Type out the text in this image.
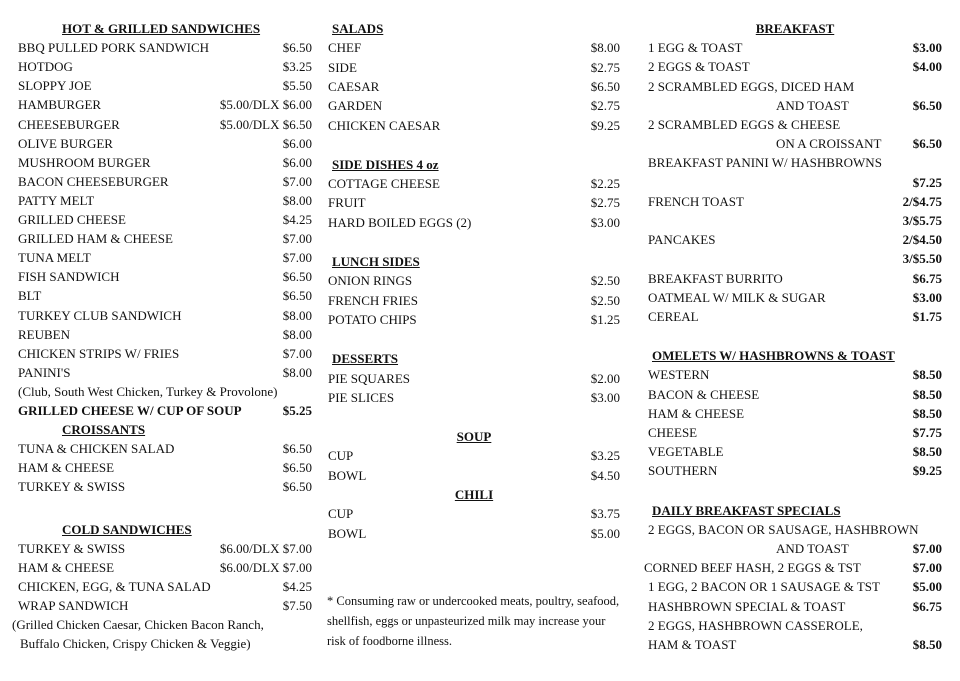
HOT & GRILLED SANDWICHES
BBQ PULLED PORK SANDWICH	$6.50
HOTDOG	$3.25
SLOPPY JOE	$5.50
HAMBURGER	$5.00/DLX $6.00
CHEESEBURGER	$5.00/DLX $6.50
OLIVE BURGER	$6.00
MUSHROOM BURGER	$6.00
BACON CHEESEBURGER	$7.00
PATTY MELT	$8.00
GRILLED CHEESE	$4.25
GRILLED HAM & CHEESE	$7.00
TUNA MELT	$7.00
FISH SANDWICH	$6.50
BLT	$6.50
TURKEY CLUB SANDWICH	$8.00
REUBEN	$8.00
CHICKEN STRIPS W/ FRIES	$7.00
PANINI'S	$8.00
(Club, South West Chicken, Turkey & Provolone)
GRILLED CHEESE W/ CUP OF SOUP	$5.25
CROISSANTS
TUNA & CHICKEN SALAD	$6.50
HAM & CHEESE	$6.50
TURKEY & SWISS	$6.50
COLD SANDWICHES
TURKEY & SWISS	$6.00/DLX $7.00
HAM & CHEESE	$6.00/DLX $7.00
CHICKEN, EGG, & TUNA SALAD	$4.25
WRAP SANDWICH	$7.50
(Grilled Chicken Caesar, Chicken Bacon Ranch,
Buffalo Chicken, Crispy Chicken & Veggie)
SALADS
CHEF	$8.00
SIDE	$2.75
CAESAR	$6.50
GARDEN	$2.75
CHICKEN CAESAR	$9.25
SIDE DISHES 4 oz
COTTAGE CHEESE	$2.25
FRUIT	$2.75
HARD BOILED EGGS (2)	$3.00
LUNCH SIDES
ONION RINGS	$2.50
FRENCH FRIES	$2.50
POTATO CHIPS	$1.25
DESSERTS
PIE SQUARES	$2.00
PIE SLICES	$3.00
SOUP
CUP	$3.25
BOWL	$4.50
CHILI
CUP	$3.75
BOWL	$5.00
BREAKFAST
1 EGG & TOAST	$3.00
2 EGGS & TOAST	$4.00
2 SCRAMBLED EGGS, DICED HAM
AND TOAST	$6.50
2 SCRAMBLED EGGS & CHEESE
ON A CROISSANT $6.50
BREAKFAST PANINI W/ HASHBROWNS
$7.25
FRENCH TOAST	2/$4.75
3/$5.75
PANCAKES	2/$4.50
3/$5.50
BREAKFAST BURRITO	$6.75
OATMEAL W/ MILK & SUGAR	$3.00
CEREAL	$1.75
OMELETS W/ HASHBROWNS & TOAST
WESTERN	$8.50
BACON & CHEESE	$8.50
HAM & CHEESE	$8.50
CHEESE	$7.75
VEGETABLE	$8.50
SOUTHERN	$9.25
DAILY BREAKFAST SPECIALS
2 EGGS, BACON OR SAUSAGE, HASHBROWN
AND TOAST	$7.00
CORNED BEEF HASH, 2 EGGS & TST	$7.00
1 EGG, 2 BACON OR 1 SAUSAGE & TST	$5.00
HASHBROWN SPECIAL & TOAST	$6.75
2 EGGS, HASHBROWN CASSEROLE,
HAM & TOAST	$8.50
* Consuming raw or undercooked meats, poultry, seafood, shellfish, eggs or unpasteurized milk may increase your risk of foodborne illness.
